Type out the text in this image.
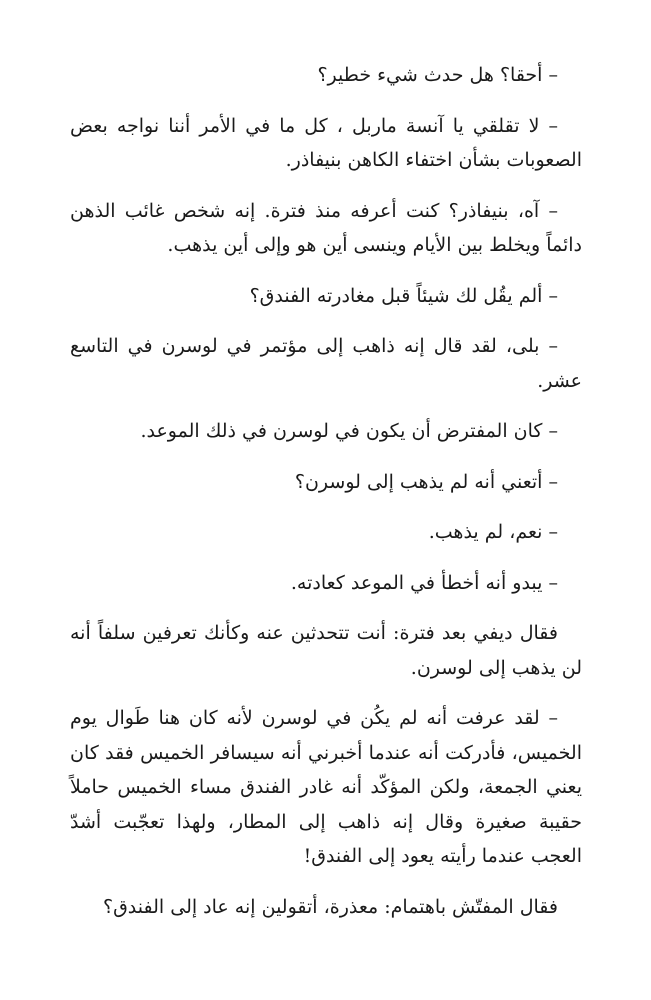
– أحقا؟ هل حدث شيء خطير؟

– لا تقلقي يا آنسة ماربل ، كل ما في الأمر أننا نواجه بعض الصعوبات بشأن اختفاء الكاهن بنيفاذر.

– آه، بنيفاذر؟ كنت أعرفه منذ فترة. إنه شخص غائب الذهن دائماً ويخلط بين الأيام وينسى أين هو وإلى أين يذهب.

– ألم يقُل لك شيئاً قبل مغادرته الفندق؟

– بلى، لقد قال إنه ذاهب إلى مؤتمر في لوسرن في التاسع عشر.

– كان المفترض أن يكون في لوسرن في ذلك الموعد.

– أتعني أنه لم يذهب إلى لوسرن؟

– نعم، لم يذهب.

– يبدو أنه أخطأ في الموعد كعادته.

فقال ديفي بعد فترة: أنت تتحدثين عنه وكأنك تعرفين سلفاً أنه لن يذهب إلى لوسرن.

– لقد عرفت أنه لم يكُن في لوسرن لأنه كان هنا طَوال يوم الخميس، فأدركت أنه عندما أخبرني أنه سيسافر الخميس فقد كان يعني الجمعة، ولكن المؤكّد أنه غادر الفندق مساء الخميس حاملاً حقيبة صغيرة وقال إنه ذاهب إلى المطار، ولهذا تعجّبت أشدّ العجب عندما رأيته يعود إلى الفندق!

فقال المفتّش باهتمام: معذرة، أتقولين إنه عاد إلى الفندق؟
